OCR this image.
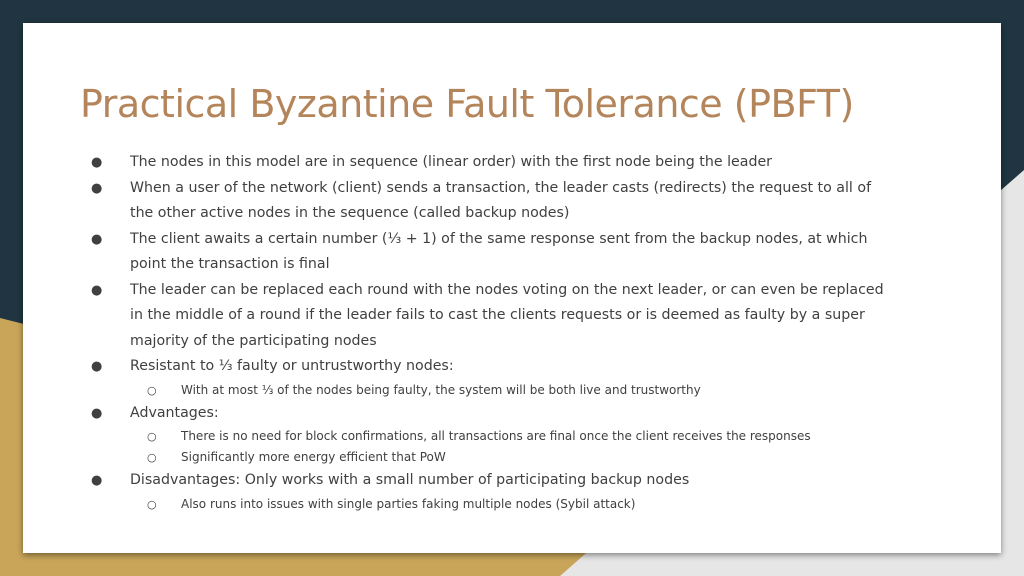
Practical Byzantine Fault Tolerance (PBFT)
● The nodes in this model are in sequence (linear order) with the first node being the leader
● When a user of the network (client) sends a transaction, the leader casts (redirects) the request to all of the other active nodes in the sequence (called backup nodes)
● The client awaits a certain number (⅓ + 1) of the same response sent from the backup nodes, at which point the transaction is final
● The leader can be replaced each round with the nodes voting on the next leader, or can even be replaced in the middle of a round if the leader fails to cast the clients requests or is deemed as faulty by a super majority of the participating nodes
● Resistant to ⅓ faulty or untrustworthy nodes:
○ With at most ⅓ of the nodes being faulty, the system will be both live and trustworthy
● Advantages:
○ There is no need for block confirmations, all transactions are final once the client receives the responses
○ Significantly more energy efficient that PoW
● Disadvantages: Only works with a small number of participating backup nodes
○ Also runs into issues with single parties faking multiple nodes (Sybil attack)
